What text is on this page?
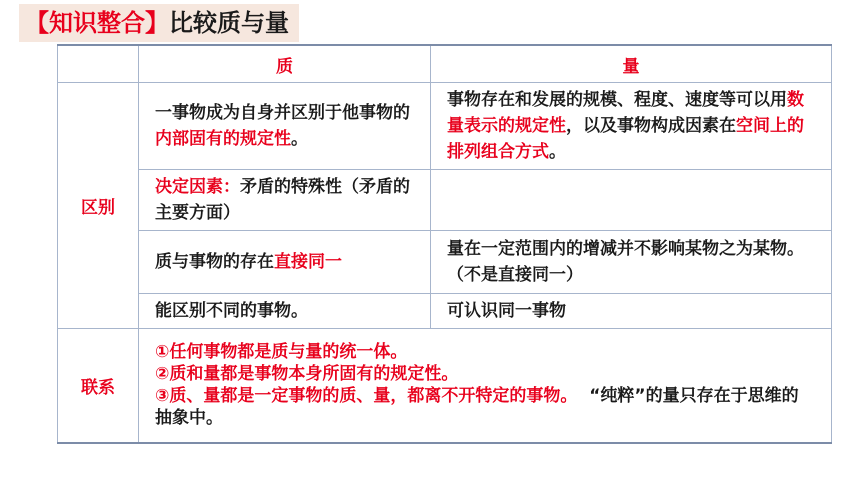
【知识整合】 比较质与量
	质	量
区别	一事物成为自身并区别于他事物的内部固有的规定性。	事物存在和发展的规模、程度、速度等可以用数量表示的规定性，以及事物构成因素在空间上的排列组合方式。
	决定因素：矛盾的特殊性（矛盾的主要方面）	
	质与事物的存在直接同一	量在一定范围内的增减并不影响某物之为某物。（不是直接同一）
	能区别不同的事物。	可认识同一事物
联系	①任何事物都是质与量的统一体。
②质和量都是事物本身所固有的规定性。
③质、量都是一定事物的质、量，都离不开特定的事物。 “纯粹”的量只存在于思维的抽象中。	
